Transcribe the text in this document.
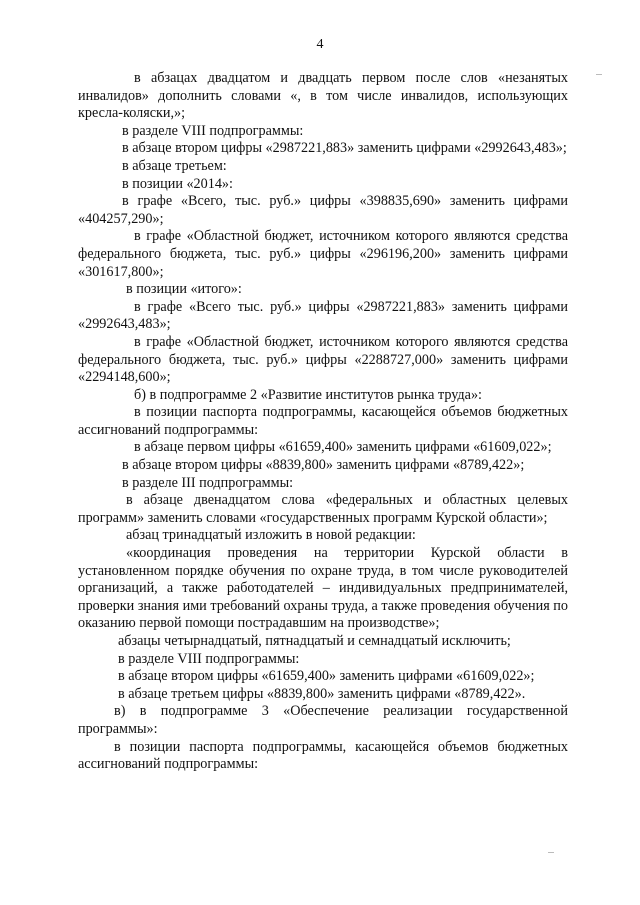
4

в абзацах двадцатом и двадцать первом после слов «незанятых инвалидов» дополнить словами «, в том числе инвалидов, использующих кресла-коляски,»;

в разделе VIII подпрограммы:

в абзаце втором цифры «2987221,883» заменить цифрами «2992643,483»;

в абзаце третьем:

в позиции «2014»:

в графе «Всего, тыс. руб.» цифры «398835,690» заменить цифрами «404257,290»;

в графе «Областной бюджет, источником которого являются средства федерального бюджета, тыс. руб.» цифры «296196,200» заменить цифрами «301617,800»;

в позиции «итого»:

в графе «Всего тыс. руб.» цифры «2987221,883» заменить цифрами «2992643,483»;

в графе «Областной бюджет, источником которого являются средства федерального бюджета, тыс. руб.» цифры «2288727,000» заменить цифрами «2294148,600»;

б) в подпрограмме 2 «Развитие институтов рынка труда»:

в позиции паспорта подпрограммы, касающейся объемов бюджетных ассигнований подпрограммы:

в абзаце первом цифры «61659,400» заменить цифрами «61609,022»;

в абзаце втором цифры «8839,800» заменить цифрами «8789,422»;

в разделе III подпрограммы:

в абзаце двенадцатом слова «федеральных и областных целевых программ» заменить словами «государственных программ Курской области»;

абзац тринадцатый изложить в новой редакции:

«координация проведения на территории Курской области в установленном порядке обучения по охране труда, в том числе руководителей организаций, а также работодателей – индивидуальных предпринимателей, проверки знания ими требований охраны труда, а также проведения обучения по оказанию первой помощи пострадавшим на производстве»;

абзацы четырнадцатый, пятнадцатый и семнадцатый исключить;

в разделе VIII подпрограммы:

в абзаце втором цифры «61659,400» заменить цифрами «61609,022»;

в абзаце третьем цифры «8839,800» заменить цифрами «8789,422».

в) в подпрограмме 3 «Обеспечение реализации государственной программы»:

в позиции паспорта подпрограммы, касающейся объемов бюджетных ассигнований подпрограммы:
